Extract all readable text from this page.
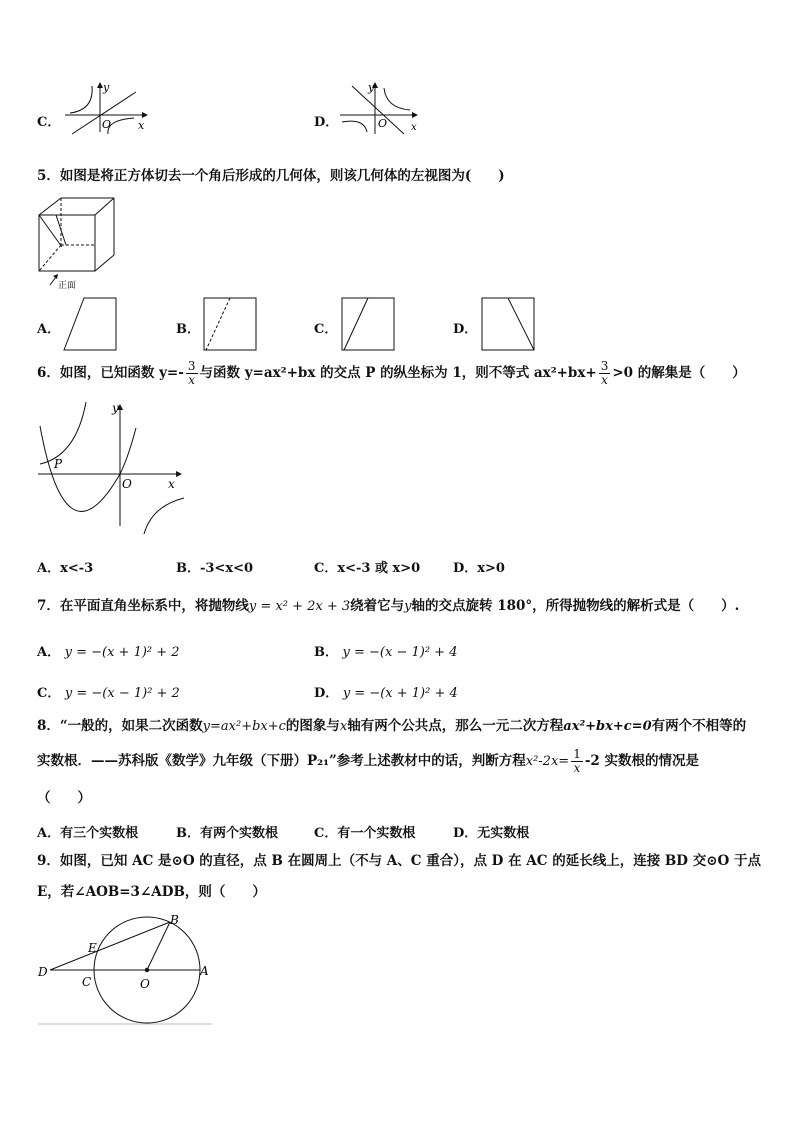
C．
y
x
O	D．
y
x
O
5．如图是将正方体切去一个角后形成的几何体，则该几何体的左视图为(　　)
正面
A．	B．	C．	D．
6．如图，已知函数 $y=- \frac{3}{x}$ 与函数 y=ax²+bx 的交点 P 的纵坐标为 1，则不等式 $ax^2+bx+ \frac{3}{x} >0$ 的解集是（　　）
P
y
x
O
A．x<-3	B．-3<x<0	C．x<-3 或 x>0	D．x>0
7．在平面直角坐标系中，将抛物线y = x² + 2x + 3绕着它与y轴的交点旋转 180°，所得抛物线的解析式是（　　）.
A． y = −(x + 1)² + 2	B． y = −(x − 1)² + 4
C． y = −(x − 1)² + 2	D． y = −(x + 1)² + 4
8．“一般的，如果二次函数y=ax²+bx+c的图象与x轴有两个公共点，那么一元二次方程ax²+bx+c=0有两个不相等的
实数根．——苏科版《数学》九年级（下册）P₂₁”参考上述教材中的话，判断方程$x^2-2x= \frac{1}{x} -2$ 实数根的情况是
（　　）
A．有三个实数根	B．有两个实数根	C．有一个实数根	D．无实数根
9．如图，已知 AC 是⊙O 的直径，点 B 在圆周上（不与 A、C 重合），点 D 在 AC 的延长线上，连接 BD 交⊙O 于点
E，若∠AOB=3∠ADB，则（　　）
B
E
D
C	O
A
